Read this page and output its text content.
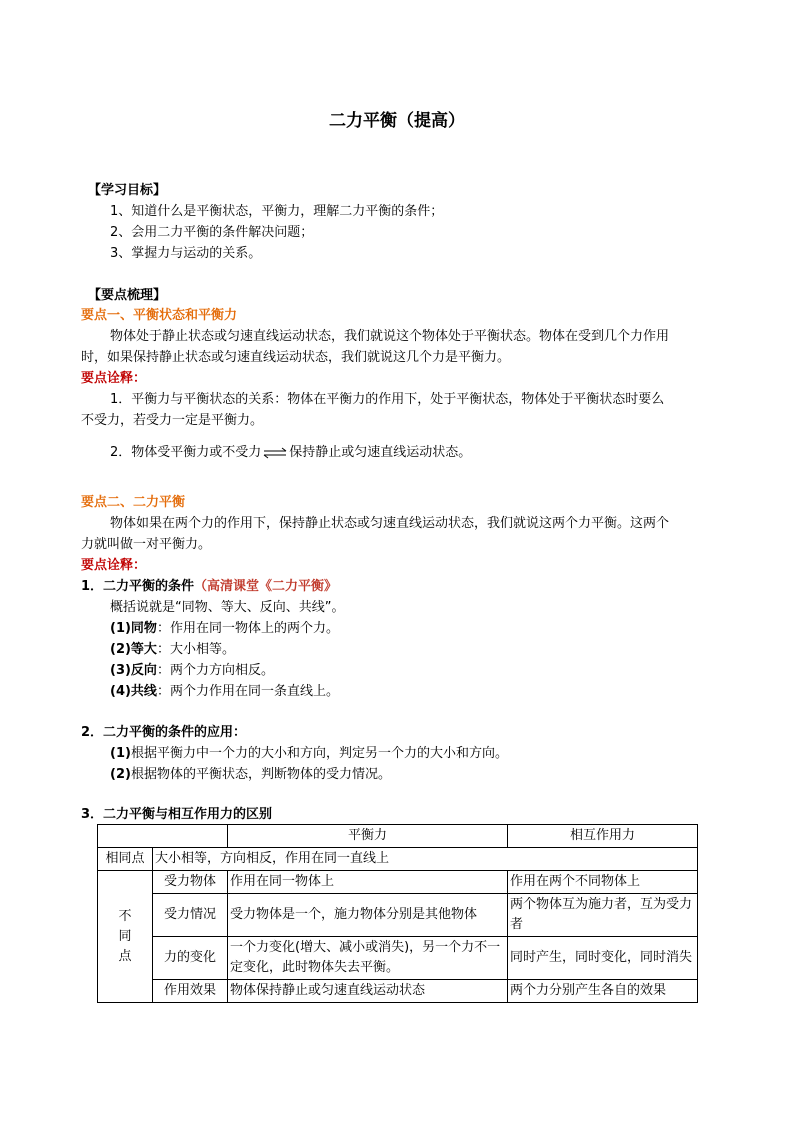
二力平衡（提高）
【学习目标】
1、知道什么是平衡状态，平衡力，理解二力平衡的条件；
2、会用二力平衡的条件解决问题；
3、掌握力与运动的关系。
【要点梳理】
要点一、平衡状态和平衡力
物体处于静止状态或匀速直线运动状态，我们就说这个物体处于平衡状态。物体在受到几个力作用
时，如果保持静止状态或匀速直线运动状态，我们就说这几个力是平衡力。
要点诠释：
1．平衡力与平衡状态的关系：物体在平衡力的作用下，处于平衡状态，物体处于平衡状态时要么
不受力，若受力一定是平衡力。
2．物体受平衡力或不受力 ⇌ 保持静止或匀速直线运动状态。
要点二、二力平衡
物体如果在两个力的作用下，保持静止状态或匀速直线运动状态，我们就说这两个力平衡。这两个
力就叫做一对平衡力。
要点诠释：
1．二力平衡的条件（高清课堂《二力平衡》
概括说就是“同物、等大、反向、共线”。
(1)同物：作用在同一物体上的两个力。
(2)等大：大小相等。
(3)反向：两个力方向相反。
(4)共线：两个力作用在同一条直线上。
2．二力平衡的条件的应用：
(1)根据平衡力中一个力的大小和方向，判定另一个力的大小和方向。
(2)根据物体的平衡状态，判断物体的受力情况。
3．二力平衡与相互作用力的区别
		平衡力	相互作用力
相同点	大小相等，方向相反，作用在同一直线上		
不
同
点	受力物体	作用在同一物体上	作用在两个不同物体上
	受力情况	受力物体是一个，施力物体分别是其他物体	两个物体互为施力者，互为受力者
	力的变化	一个力变化(增大、减小或消失)，另一个力不一定变化，此时物体失去平衡。	同时产生，同时变化，同时消失
	作用效果	物体保持静止或匀速直线运动状态	两个力分别产生各自的效果
